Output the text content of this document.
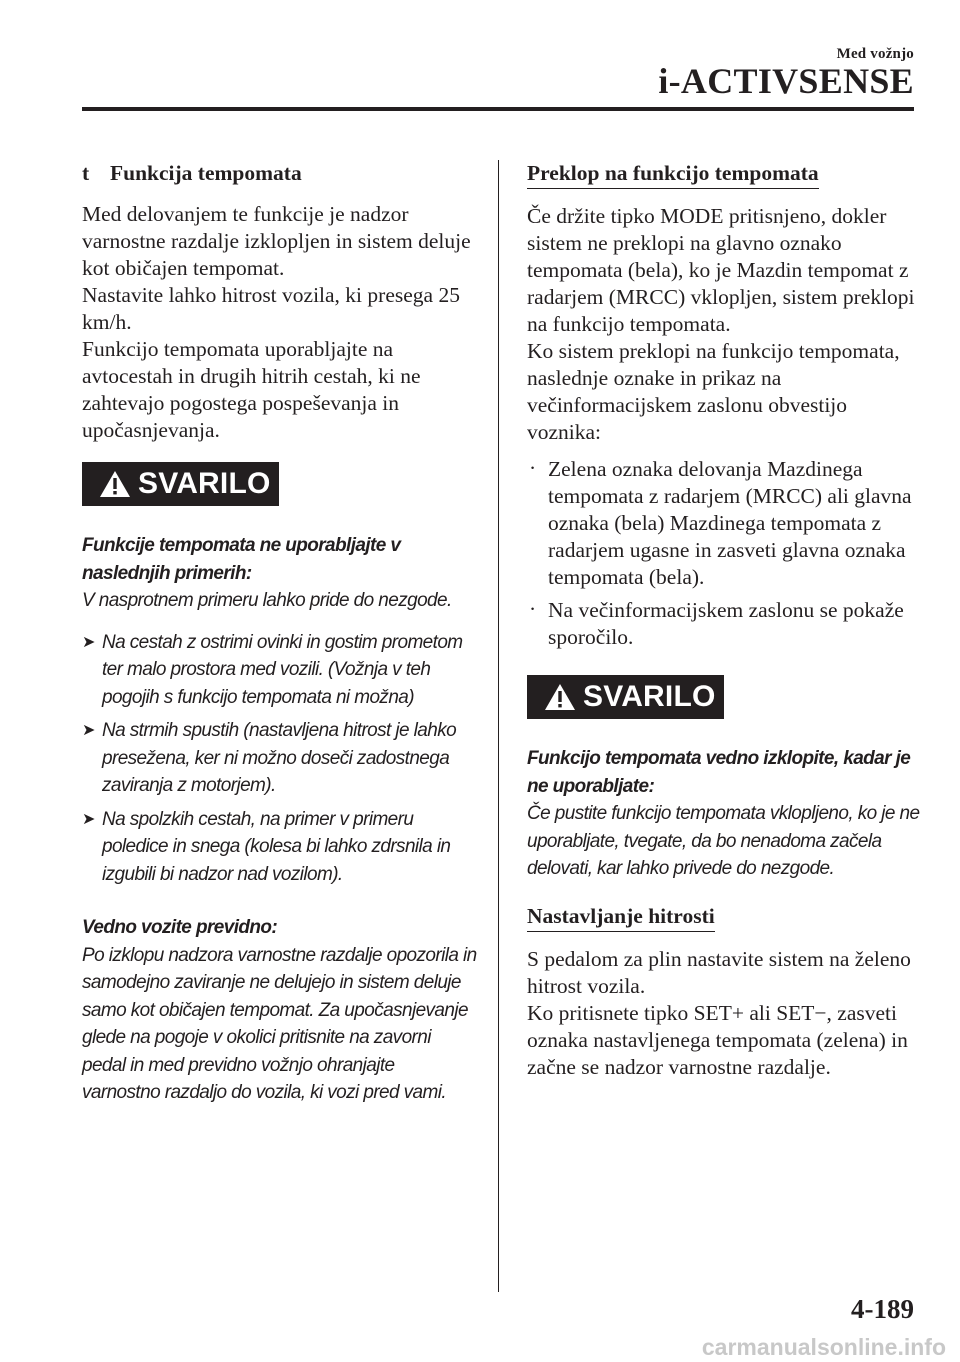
Med vožnjo
i-ACTIVSENSE
t Funkcija tempomata

Med delovanjem te funkcije je nadzor varnostne razdalje izklopljen in sistem deluje kot običajen tempomat.

Nastavite lahko hitrost vozila, ki presega 25 km/h.

Funkcijo tempomata uporabljajte na avtocestah in drugih hitrih cestah, ki ne zahtevajo pogostega pospeševanja in upočasnjevanja.

SVARILO

Funkcije tempomata ne uporabljajte v naslednjih primerih:

V nasprotnem primeru lahko pride do nezgode.

➤ Na cestah z ostrimi ovinki in gostim prometom ter malo prostora med vozili. (Vožnja v teh pogojih s funkcijo tempomata ni možna)
➤ Na strmih spustih (nastavljena hitrost je lahko presežena, ker ni možno doseči zadostnega zaviranja z motorjem).
➤ Na spolzkih cestah, na primer v primeru poledice in snega (kolesa bi lahko zdrsnila in izgubili bi nadzor nad vozilom).

Vedno vozite previdno:

Po izklopu nadzora varnostne razdalje opozorila in samodejno zaviranje ne delujejo in sistem deluje samo kot običajen tempomat. Za upočasnjevanje glede na pogoje v okolici pritisnite na zavorni pedal in med previdno vožnjo ohranjajte varnostno razdaljo do vozila, ki vozi pred vami.

Preklop na funkcijo tempomata

Če držite tipko MODE pritisnjeno, dokler sistem ne preklopi na glavno oznako tempomata (bela), ko je Mazdin tempomat z radarjem (MRCC) vklopljen, sistem preklopi na funkcijo tempomata.

Ko sistem preklopi na funkcijo tempomata, naslednje oznake in prikaz na večinformacijskem zaslonu obvestijo voznika:

· Zelena oznaka delovanja Mazdinega tempomata z radarjem (MRCC) ali glavna oznaka (bela) Mazdinega tempomata z radarjem ugasne in zasveti glavna oznaka tempomata (bela).
· Na večinformacijskem zaslonu se pokaže sporočilo.
SVARILO

Funkcijo tempomata vedno izklopite, kadar je ne uporabljate:

Če pustite funkcijo tempomata vklopljeno, ko je ne uporabljate, tvegate, da bo nenadoma začela delovati, kar lahko privede do nezgode.

Nastavljanje hitrosti

S pedalom za plin nastavite sistem na želeno hitrost vozila.

Ko pritisnete tipko SET+ ali SET−, zasveti oznaka nastavljenega tempomata (zelena) in začne se nadzor varnostne razdalje.

4-189
carmanualsonline.info
